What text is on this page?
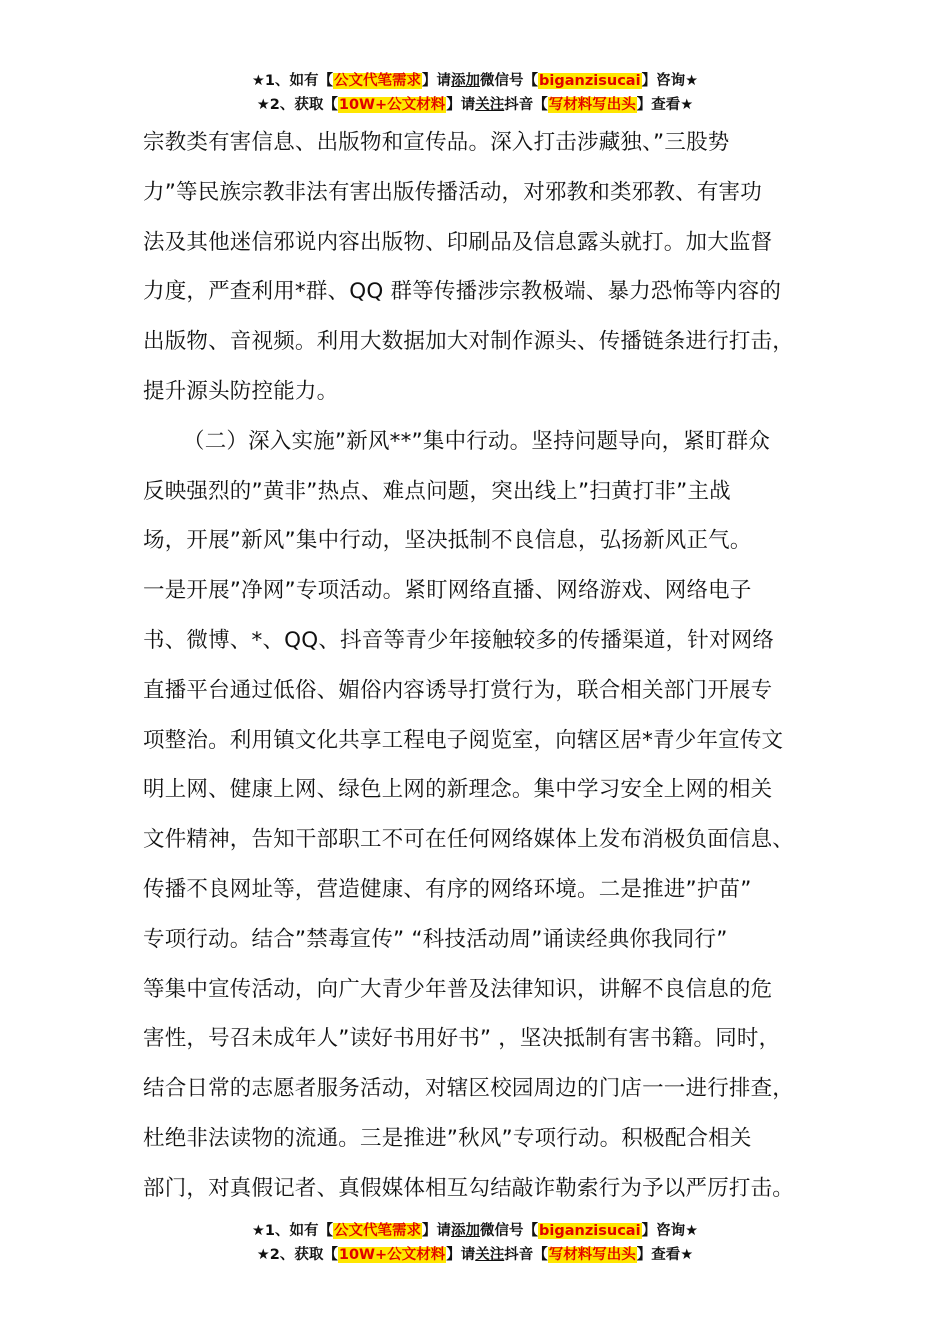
★1、如有【公文代笔需求】请添加微信号【biganzisucai】咨询★
★2、获取【10W+公文材料】请关注抖音【写材料写出头】查看★
宗教类有害信息、出版物和宣传品。深入打击涉藏独、”三股势
力”等民族宗教非法有害出版传播活动，对邪教和类邪教、有害功
法及其他迷信邪说内容出版物、印刷品及信息露头就打。加大监督
力度，严查利用*群、QQ 群等传播涉宗教极端、暴力恐怖等内容的
出版物、音视频。利用大数据加大对制作源头、传播链条进行打击，
提升源头防控能力。
（二）深入实施”新风**”集中行动。坚持问题导向，紧盯群众
反映强烈的”黄非”热点、难点问题，突出线上”扫黄打非”主战
场，开展”新风”集中行动，坚决抵制不良信息，弘扬新风正气。
一是开展”净网”专项活动。紧盯网络直播、网络游戏、网络电子
书、微博、*、QQ、抖音等青少年接触较多的传播渠道，针对网络
直播平台通过低俗、媚俗内容诱导打赏行为，联合相关部门开展专
项整治。利用镇文化共享工程电子阅览室，向辖区居*青少年宣传文
明上网、健康上网、绿色上网的新理念。集中学习安全上网的相关
文件精神，告知干部职工不可在任何网络媒体上发布消极负面信息、
传播不良网址等，营造健康、有序的网络环境。二是推进”护苗”
专项行动。结合”禁毒宣传” “科技活动周”诵读经典你我同行”
等集中宣传活动，向广大青少年普及法律知识，讲解不良信息的危
害性，号召未成年人”读好书用好书” ，坚决抵制有害书籍。同时，
结合日常的志愿者服务活动，对辖区校园周边的门店一一进行排查，
杜绝非法读物的流通。三是推进”秋风”专项行动。积极配合相关
部门，对真假记者、真假媒体相互勾结敲诈勒索行为予以严厉打击。
★1、如有【公文代笔需求】请添加微信号【biganzisucai】咨询★
★2、获取【10W+公文材料】请关注抖音【写材料写出头】查看★
